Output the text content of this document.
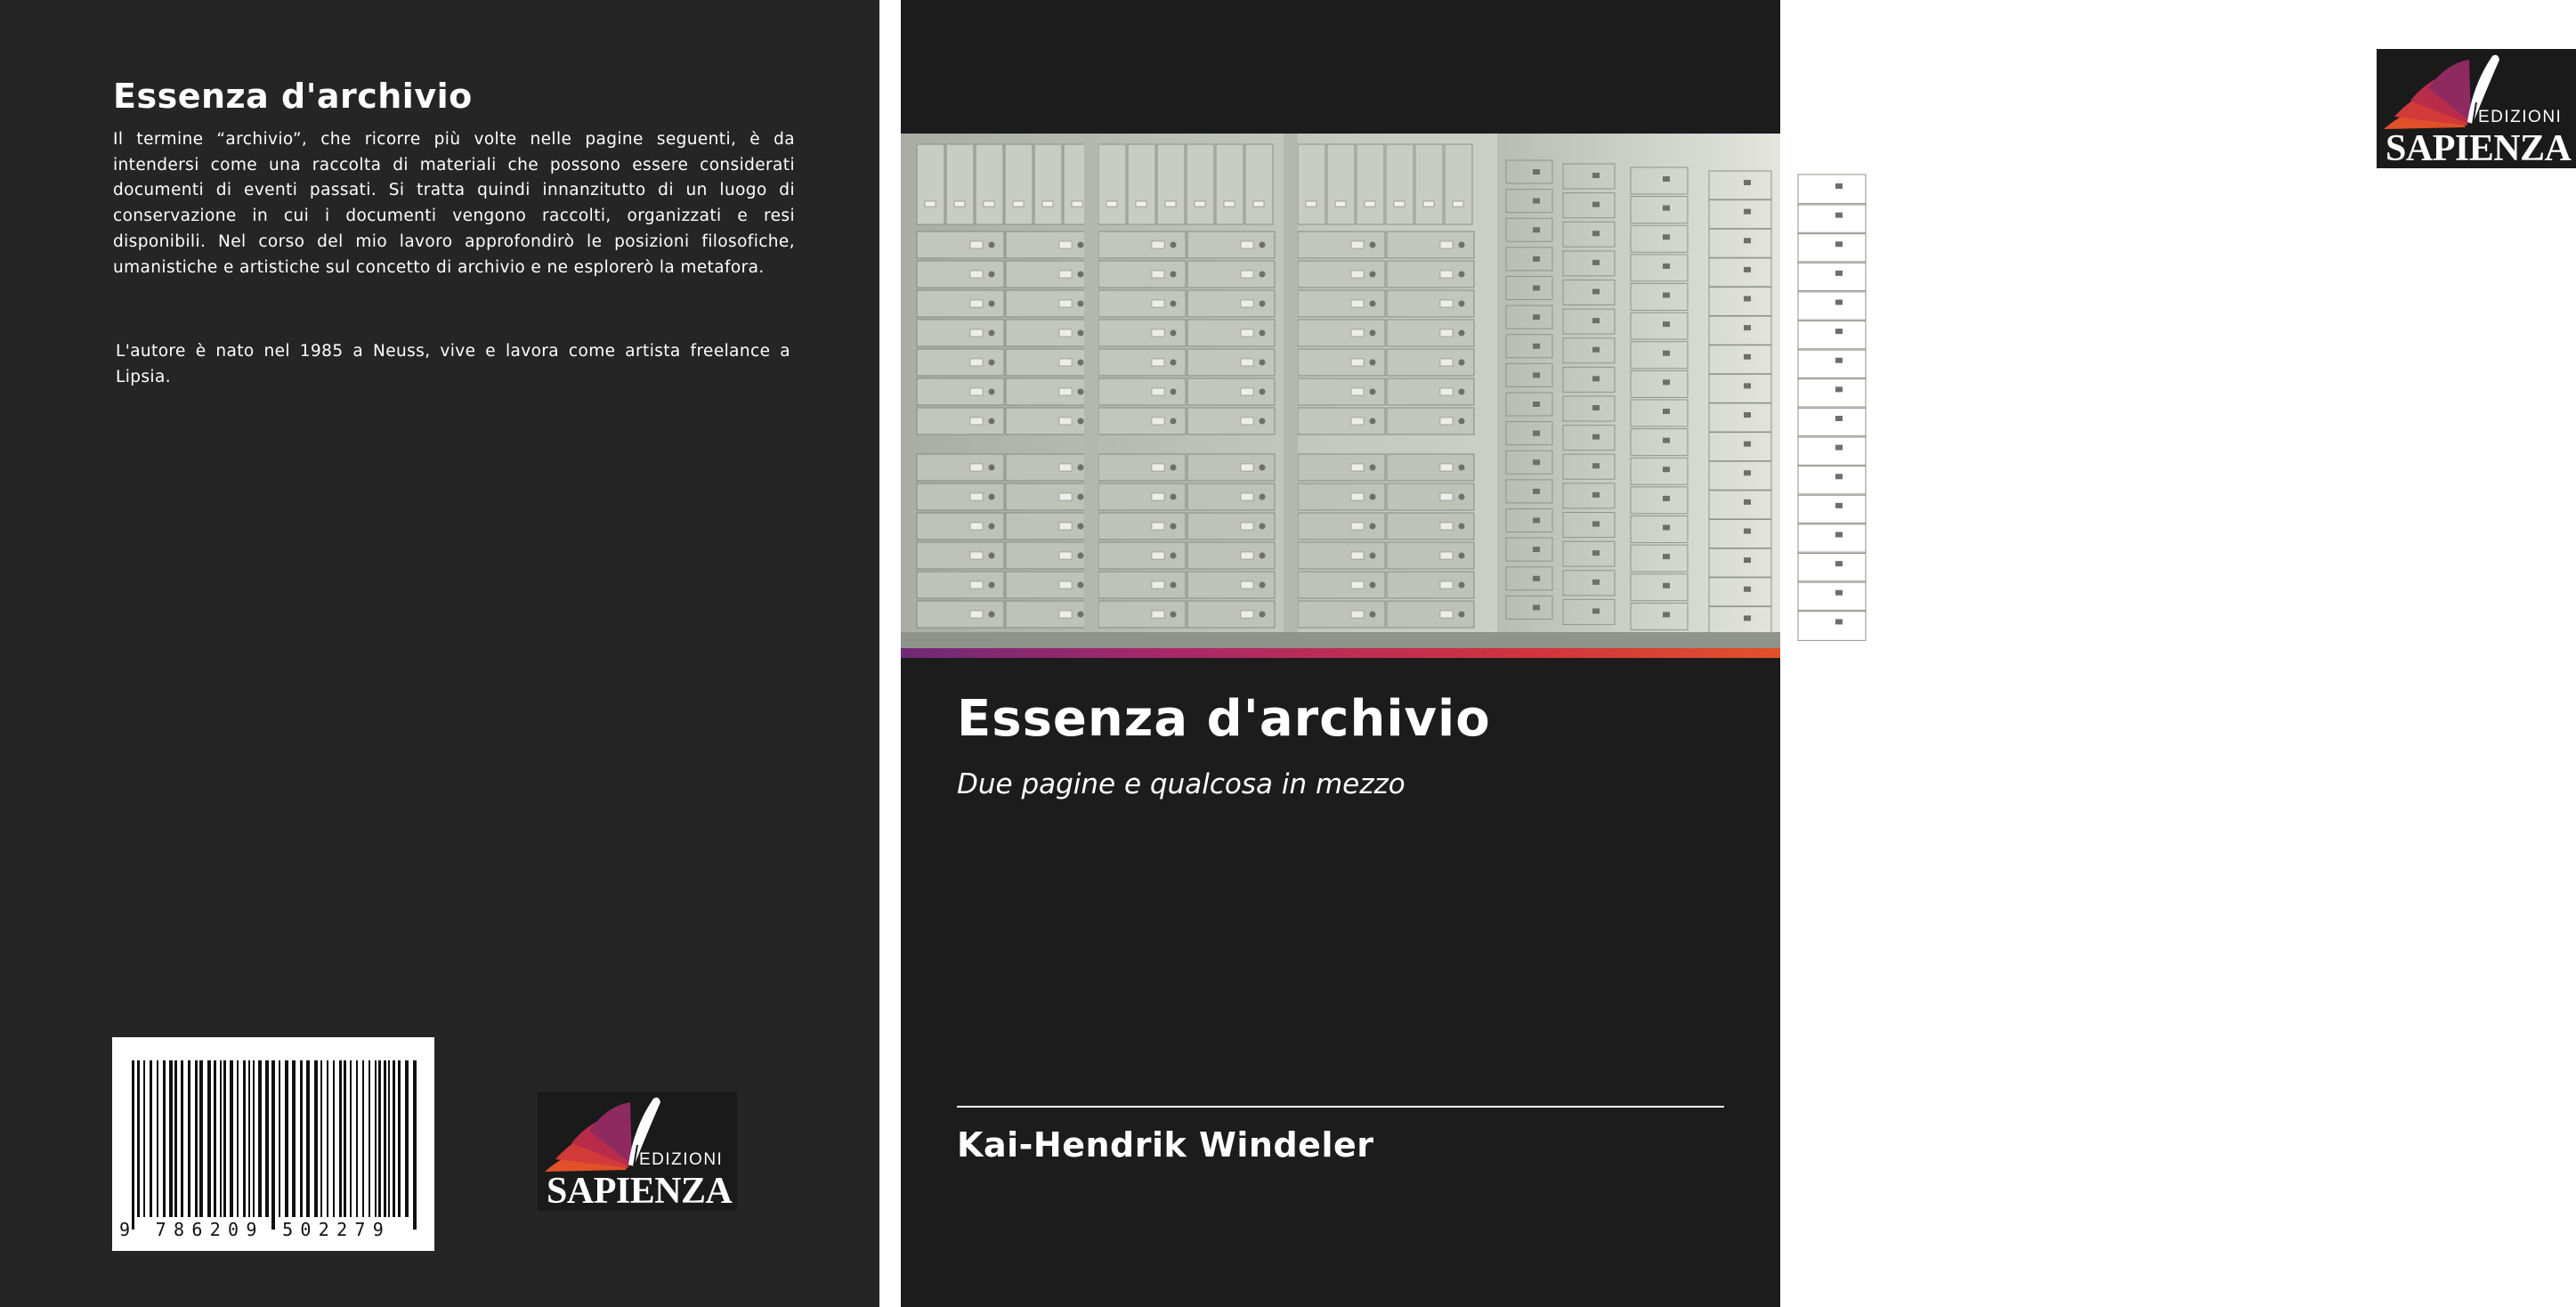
Essenza d'archivio

Il termine “archivio”, che ricorre più volte nelle pagine seguenti, è da intendersi come una raccolta di materiali che possono essere considerati documenti di eventi passati. Si tratta quindi innanzitutto di un luogo di conservazione in cui i documenti vengono raccolti, organizzati e resi disponibili. Nel corso del mio lavoro approfondirò le posizioni filosofiche, umanistiche e artistiche sul concetto di archivio e ne esplorerò la metafora.

L'autore è nato nel 1985 a Neuss, vive e lavora come artista freelance a Lipsia.

9 786209 502279
EDIZIONI
SAPIENZA
EDIZIONI
SAPIENZA
Essenza d'archivio
Due pagine e qualcosa in mezzo
Kai-Hendrik Windeler
